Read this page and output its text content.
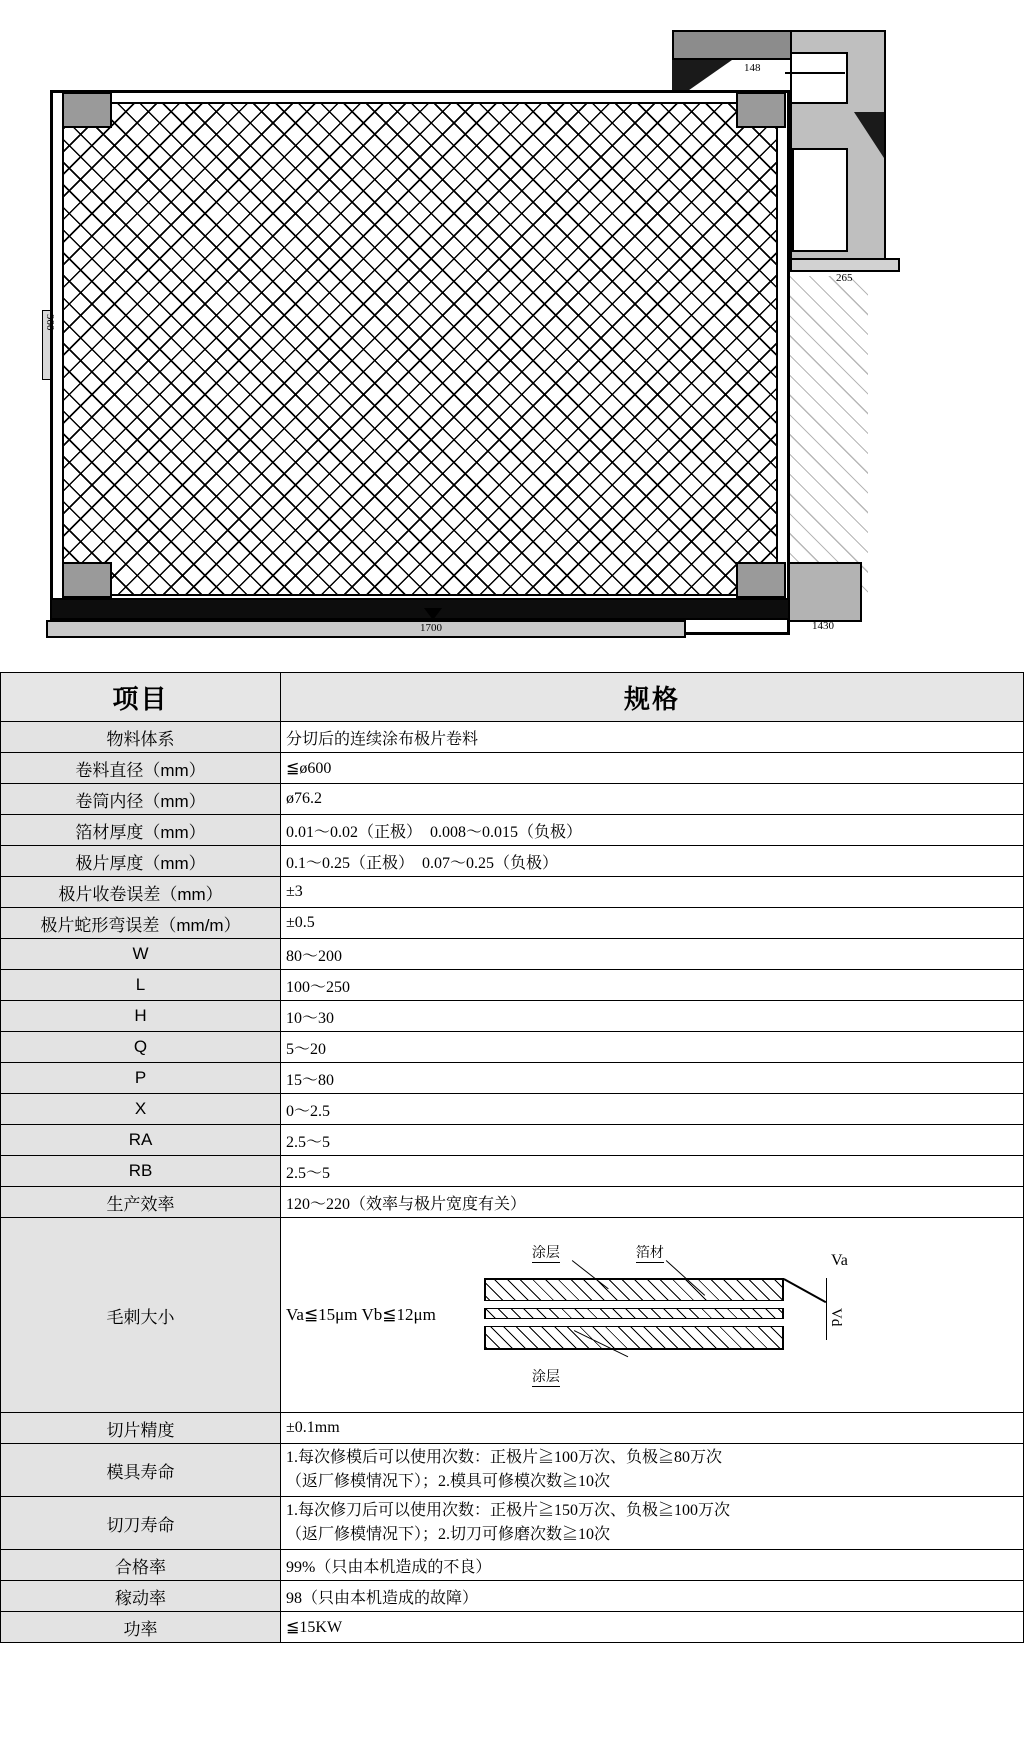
148
265
900
1700	1430
项目	规格
物料体系	分切后的连续涂布极片卷料
卷料直径（mm）	≦ø600
卷筒内径（mm）	ø76.2
箔材厚度（mm）	0.01～0.02（正极）　0.008～0.015（负极）
极片厚度（mm）	0.1～0.25（正极）　0.07～0.25（负极）
极片收卷误差（mm）	±3
极片蛇形弯误差（mm/m）	±0.5
W	80～200
L	100～250
H	10～30
Q	5～20
P	15～80
X	0～2.5
RA	2.5～5
RB	2.5～5
生产效率	120～220（效率与极片宽度有关）
毛刺大小	Va≦15μm Vb≦12μm
涂层	箔材
涂层
Va
Vd

切片精度	±0.1mm
模具寿命	1.每次修模后可以使用次数：正极片≧100万次、负极≧80万次
（返厂修模情况下）；2.模具可修模次数≧10次

切刀寿命	1.每次修刀后可以使用次数：正极片≧150万次、负极≧100万次
（返厂修模情况下）；2.切刀可修磨次数≧10次

合格率	99%（只由本机造成的不良）
稼动率	98（只由本机造成的故障）
功率	≦15KW
